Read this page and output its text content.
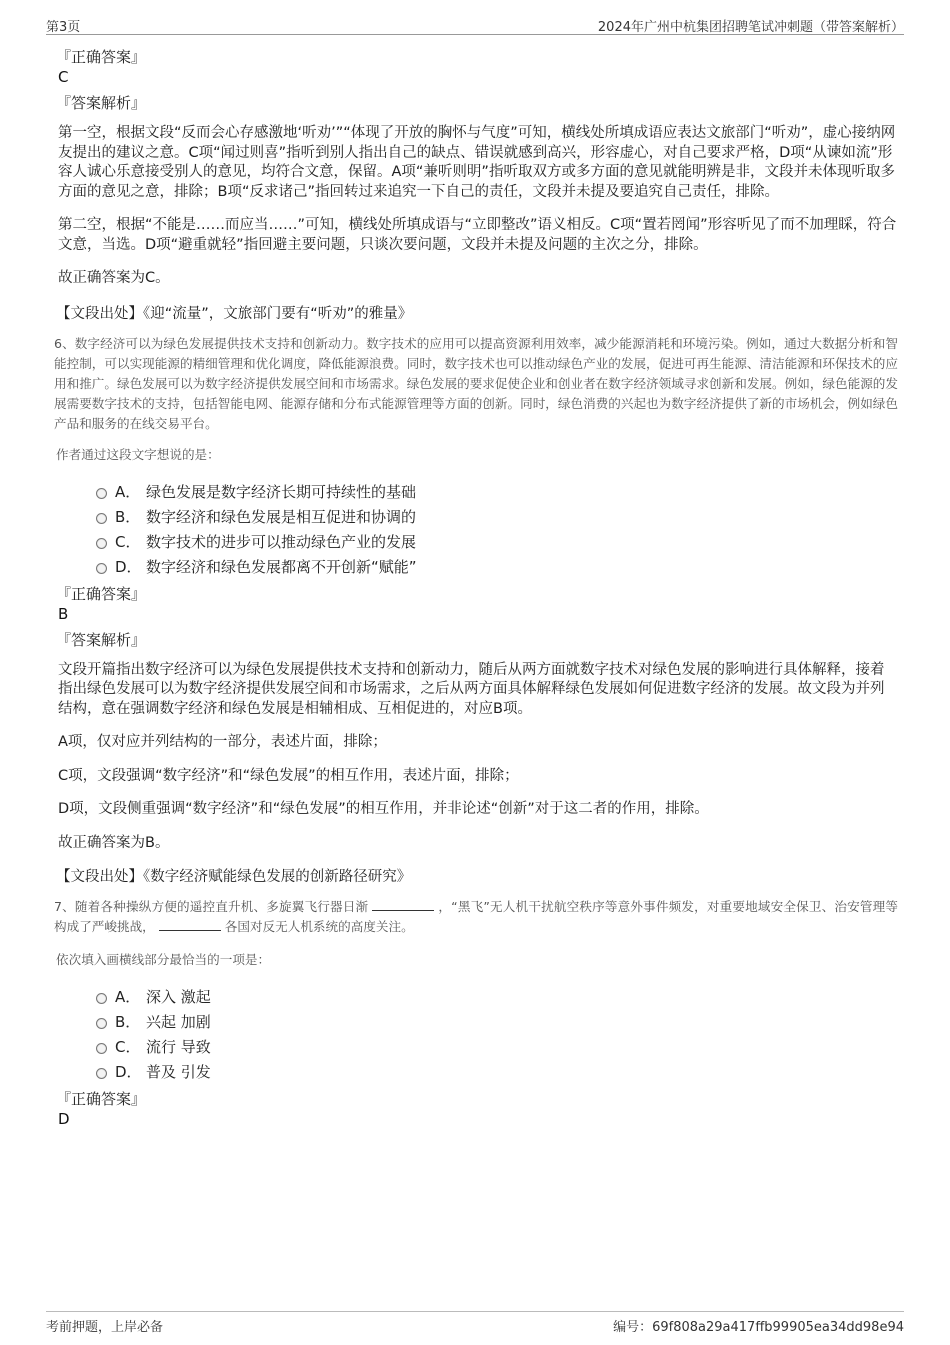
第3页	2024年广州中杭集团招聘笔试冲刺题（带答案解析）

『正确答案』

C

『答案解析』

第一空，根据文段“反而会心存感激地‘听劝’”“体现了开放的胸怀与气度”可知，横线处所填成语应表达文旅部门“听劝”，虚心接纳网友提出的建议之意。C项“闻过则喜”指听到别人指出自己的缺点、错误就感到高兴，形容虚心，对自己要求严格，D项“从谏如流”形容人诚心乐意接受别人的意见，均符合文意，保留。A项“兼听则明”指听取双方或多方面的意见就能明辨是非，文段并未体现听取多方面的意见之意，排除；B项“反求诸己”指回转过来追究一下自己的责任，文段并未提及要追究自己责任，排除。

第二空，根据“不能是……而应当……”可知，横线处所填成语与“立即整改”语义相反。C项“置若罔闻”形容听见了而不加理睬，符合文意，当选。D项“避重就轻”指回避主要问题，只谈次要问题，文段并未提及问题的主次之分，排除。

故正确答案为C。

【文段出处】《迎“流量”，文旅部门要有“听劝”的雅量》

6、数字经济可以为绿色发展提供技术支持和创新动力。数字技术的应用可以提高资源利用效率，减少能源消耗和环境污染。例如，通过大数据分析和智能控制，可以实现能源的精细管理和优化调度，降低能源浪费。同时，数字技术也可以推动绿色产业的发展，促进可再生能源、清洁能源和环保技术的应用和推广。绿色发展可以为数字经济提供发展空间和市场需求。绿色发展的要求促使企业和创业者在数字经济领域寻求创新和发展。例如，绿色能源的发展需要数字技术的支持，包括智能电网、能源存储和分布式能源管理等方面的创新。同时，绿色消费的兴起也为数字经济提供了新的市场机会，例如绿色产品和服务的在线交易平台。

作者通过这段文字想说的是：

A． 绿色发展是数字经济长期可持续性的基础
B． 数字经济和绿色发展是相互促进和协调的
C． 数字技术的进步可以推动绿色产业的发展
D． 数字经济和绿色发展都离不开创新“赋能”

『正确答案』

B

『答案解析』

文段开篇指出数字经济可以为绿色发展提供技术支持和创新动力，随后从两方面就数字技术对绿色发展的影响进行具体解释，接着指出绿色发展可以为数字经济提供发展空间和市场需求，之后从两方面具体解释绿色发展如何促进数字经济的发展。故文段为并列结构，意在强调数字经济和绿色发展是相辅相成、互相促进的，对应B项。

A项，仅对应并列结构的一部分，表述片面，排除；

C项，文段强调“数字经济”和“绿色发展”的相互作用，表述片面，排除；

D项，文段侧重强调“数字经济”和“绿色发展”的相互作用，并非论述“创新”对于这二者的作用，排除。

故正确答案为B。

【文段出处】《数字经济赋能绿色发展的创新路径研究》

7、随着各种操纵方便的遥控直升机、多旋翼飞行器日渐	，“黑飞”无人机干扰航空秩序等意外事件频发，对重要地域安全保卫、治安管理等构成了严峻挑战，	各国对反无人机系统的高度关注。

依次填入画横线部分最恰当的一项是：

A． 深入 激起
B． 兴起 加剧
C． 流行 导致
D． 普及 引发

『正确答案』

D

考前押题，上岸必备	编号：69f808a29a417ffb99905ea34dd98e94
